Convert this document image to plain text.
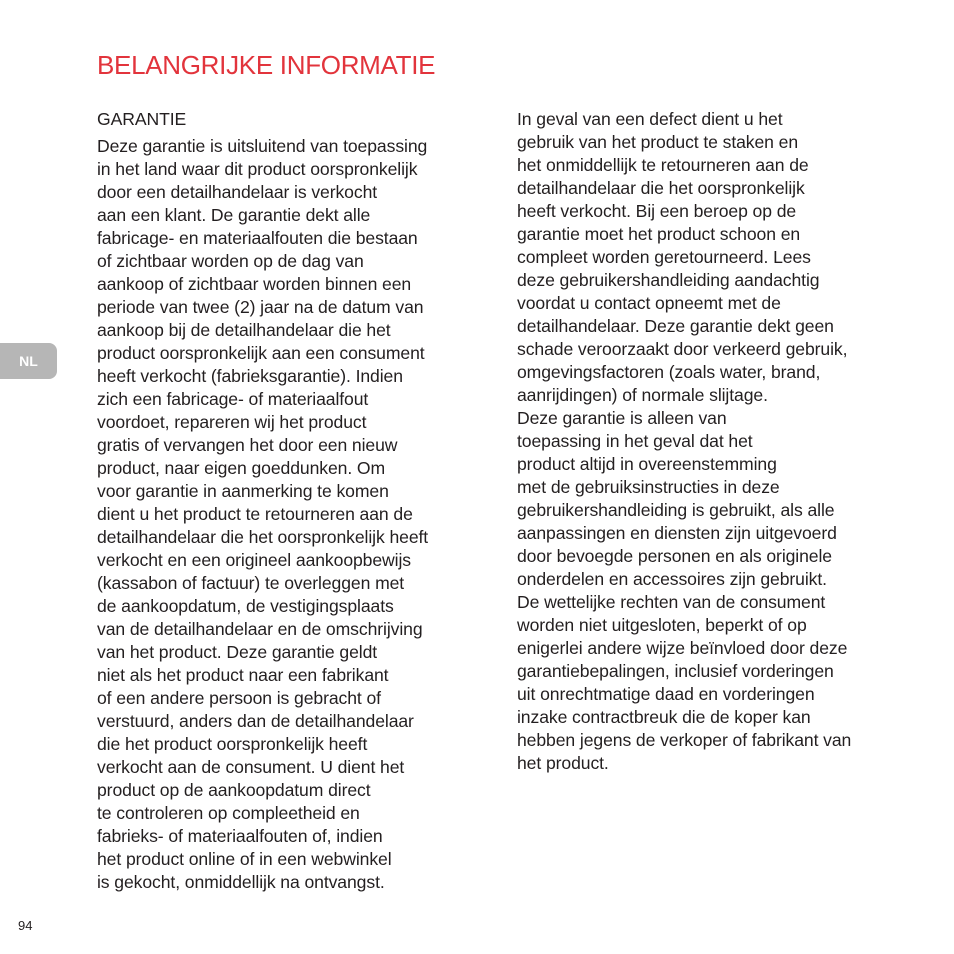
BELANGRIJKE INFORMATIE
NL
GARANTIE
Deze garantie is uitsluitend van toepassing
in het land waar dit product oorspronkelijk
door een detailhandelaar is verkocht
aan een klant. De garantie dekt alle
fabricage- en materiaalfouten die bestaan
of zichtbaar worden op de dag van
aankoop of zichtbaar worden binnen een
periode van twee (2) jaar na de datum van
aankoop bij de detailhandelaar die het
product oorspronkelijk aan een consument
heeft verkocht (fabrieksgarantie). Indien
zich een fabricage- of materiaalfout
voordoet, repareren wij het product
gratis of vervangen het door een nieuw
product, naar eigen goeddunken. Om
voor garantie in aanmerking te komen
dient u het product te retourneren aan de
detailhandelaar die het oorspronkelijk heeft
verkocht en een origineel aankoopbewijs
(kassabon of factuur) te overleggen met
de aankoopdatum, de vestigingsplaats
van de detailhandelaar en de omschrijving
van het product. Deze garantie geldt
niet als het product naar een fabrikant
of een andere persoon is gebracht of
verstuurd, anders dan de detailhandelaar
die het product oorspronkelijk heeft
verkocht aan de consument. U dient het
product op de aankoopdatum direct
te controleren op compleetheid en
fabrieks- of materiaalfouten of, indien
het product online of in een webwinkel
is gekocht, onmiddellijk na ontvangst.
In geval van een defect dient u het
gebruik van het product te staken en
het onmiddellijk te retourneren aan de
detailhandelaar die het oorspronkelijk
heeft verkocht. Bij een beroep op de
garantie moet het product schoon en
compleet worden geretourneerd. Lees
deze gebruikershandleiding aandachtig
voordat u contact opneemt met de
detailhandelaar. Deze garantie dekt geen
schade veroorzaakt door verkeerd gebruik,
omgevingsfactoren (zoals water, brand,
aanrijdingen) of normale slijtage.
Deze garantie is alleen van
toepassing in het geval dat het
product altijd in overeenstemming
met de gebruiksinstructies in deze
gebruikershandleiding is gebruikt, als alle
aanpassingen en diensten zijn uitgevoerd
door bevoegde personen en als originele
onderdelen en accessoires zijn gebruikt.
De wettelijke rechten van de consument
worden niet uitgesloten, beperkt of op
enigerlei andere wijze beïnvloed door deze
garantiebepalingen, inclusief vorderingen
uit onrechtmatige daad en vorderingen
inzake contractbreuk die de koper kan
hebben jegens de verkoper of fabrikant van
het product.
94
